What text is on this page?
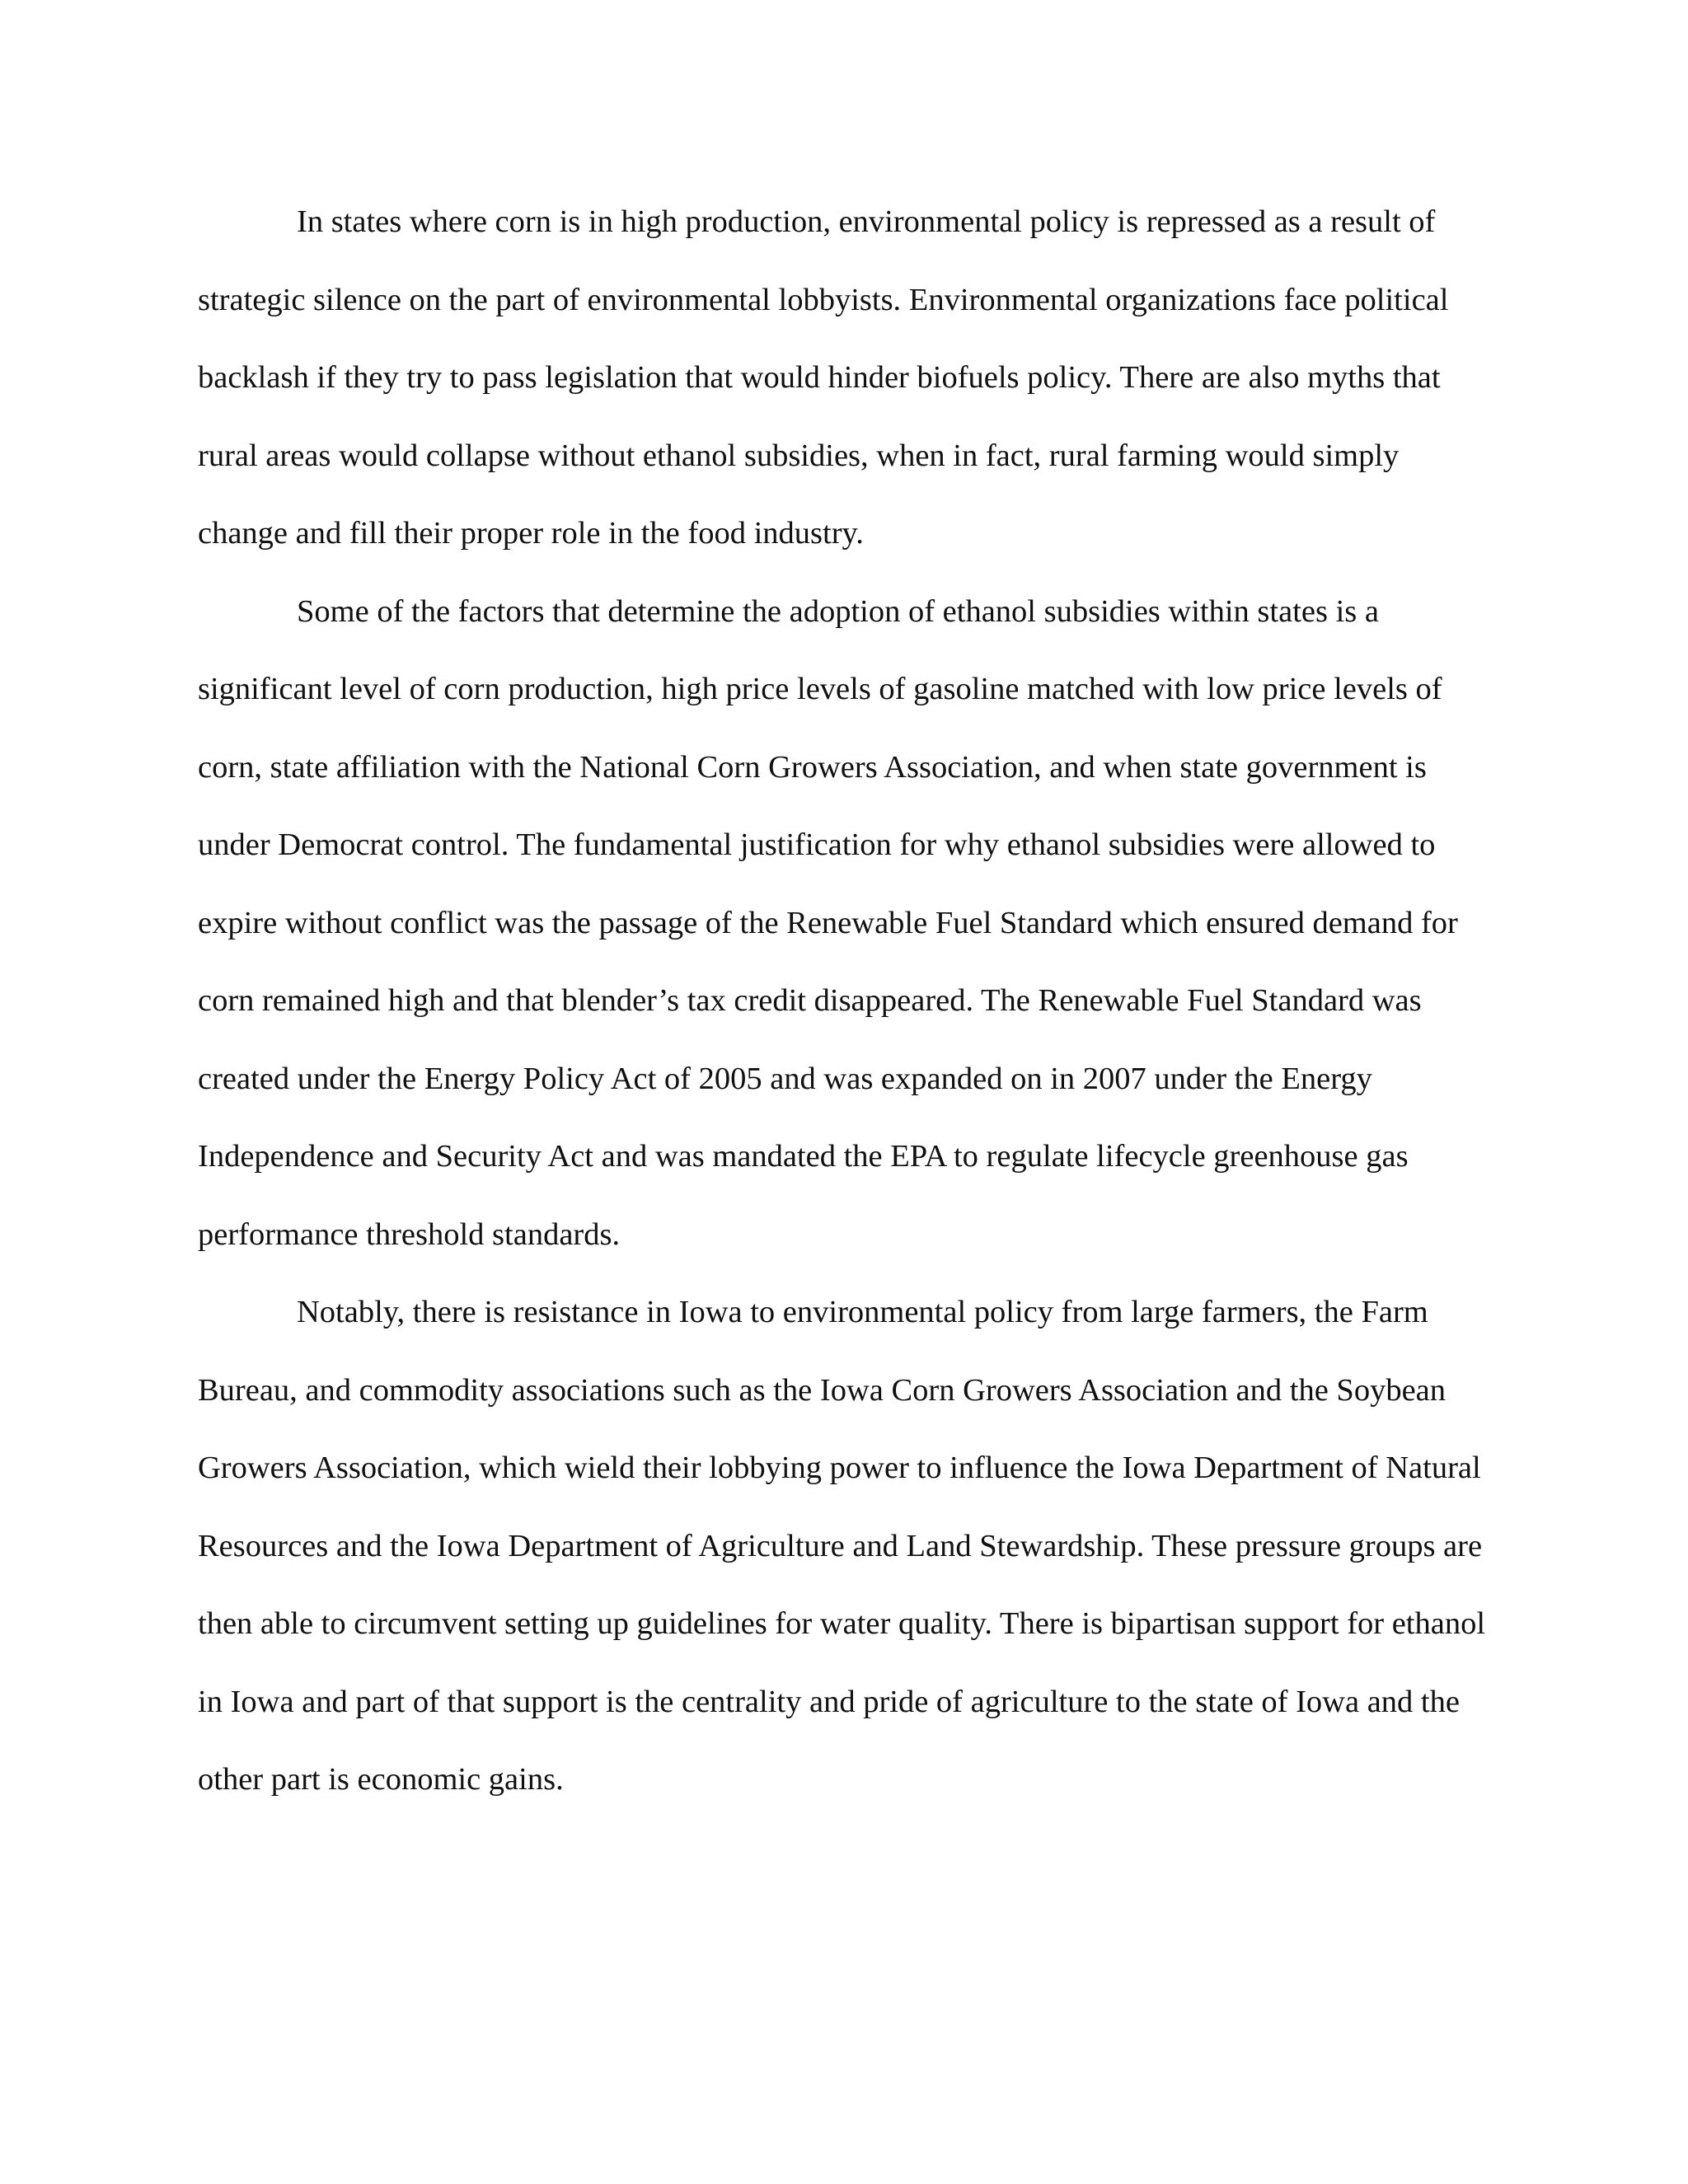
In states where corn is in high production, environmental policy is repressed as a result of strategic silence on the part of environmental lobbyists. Environmental organizations face political backlash if they try to pass legislation that would hinder biofuels policy. There are also myths that rural areas would collapse without ethanol subsidies, when in fact, rural farming would simply change and fill their proper role in the food industry.

Some of the factors that determine the adoption of ethanol subsidies within states is a significant level of corn production, high price levels of gasoline matched with low price levels of corn, state affiliation with the National Corn Growers Association, and when state government is under Democrat control. The fundamental justification for why ethanol subsidies were allowed to expire without conflict was the passage of the Renewable Fuel Standard which ensured demand for corn remained high and that blender’s tax credit disappeared. The Renewable Fuel Standard was created under the Energy Policy Act of 2005 and was expanded on in 2007 under the Energy Independence and Security Act and was mandated the EPA to regulate lifecycle greenhouse gas performance threshold standards.

Notably, there is resistance in Iowa to environmental policy from large farmers, the Farm Bureau, and commodity associations such as the Iowa Corn Growers Association and the Soybean Growers Association, which wield their lobbying power to influence the Iowa Department of Natural Resources and the Iowa Department of Agriculture and Land Stewardship. These pressure groups are then able to circumvent setting up guidelines for water quality. There is bipartisan support for ethanol in Iowa and part of that support is the centrality and pride of agriculture to the state of Iowa and the other part is economic gains.
